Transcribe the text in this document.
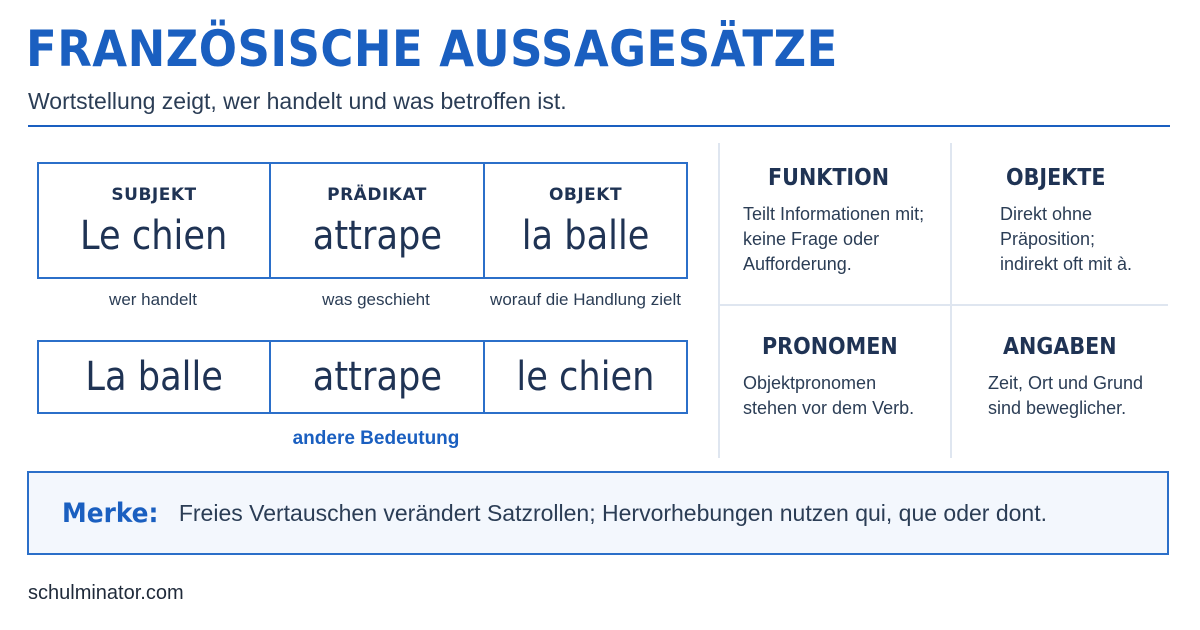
FRANZÖSISCHE AUSSAGESÄTZE
Wortstellung zeigt, wer handelt und was betroffen ist.
SUBJEKT
Le chien
PRÄDIKAT
attrape
OBJEKT
la balle
wer handelt	was geschieht	worauf die Handlung zielt
La balle attrape le chien
andere Bedeutung
FUNKTION
Teilt Informationen mit;
keine Frage oder
Aufforderung.
OBJEKTE
Direkt ohne
Präposition;
indirekt oft mit à.
PRONOMEN
Objektpronomen
stehen vor dem Verb.
ANGABEN
Zeit, Ort und Grund
sind beweglicher.
Merke: Freies Vertauschen verändert Satzrollen; Hervorhebungen nutzen qui, que oder dont.
schulminator.com
